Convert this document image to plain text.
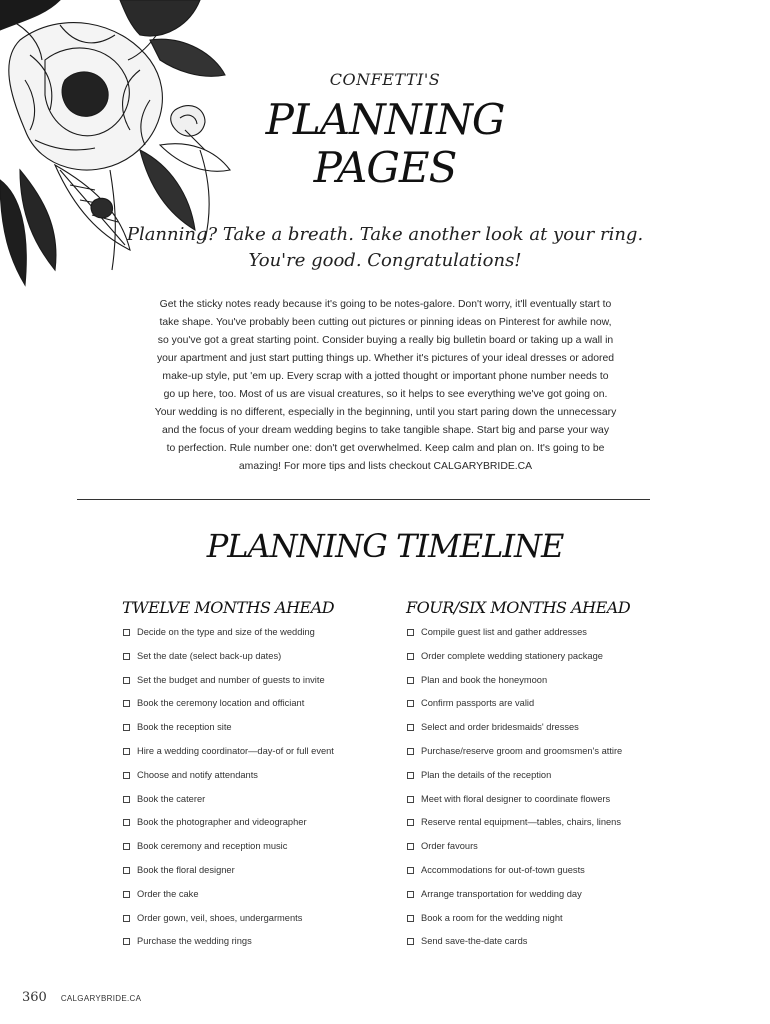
CONFETTI'S
PLANNING
PAGES
Planning? Take a breath. Take another look at your ring.
You're good. Congratulations!
Get the sticky notes ready because it's going to be notes-galore. Don't worry, it'll eventually start to
take shape. You've probably been cutting out pictures or pinning ideas on Pinterest for awhile now,
so you've got a great starting point. Consider buying a really big bulletin board or taking up a wall in
your apartment and just start putting things up. Whether it's pictures of your ideal dresses or adored
make-up style, put 'em up. Every scrap with a jotted thought or important phone number needs to
go up here, too. Most of us are visual creatures, so it helps to see everything we've got going on.
Your wedding is no different, especially in the beginning, until you start paring down the unnecessary
and the focus of your dream wedding begins to take tangible shape. Start big and parse your way
to perfection. Rule number one: don't get overwhelmed. Keep calm and plan on. It's going to be
amazing! For more tips and lists checkout CALGARYBRIDE.CA
PLANNING TIMELINE
TWELVE MONTHS AHEAD
Decide on the type and size of the wedding
Set the date (select back-up dates)
Set the budget and number of guests to invite
Book the ceremony location and officiant
Book the reception site
Hire a wedding coordinator—day-of or full event
Choose and notify attendants
Book the caterer
Book the photographer and videographer
Book ceremony and reception music
Book the floral designer
Order the cake
Order gown, veil, shoes, undergarments
Purchase the wedding rings
FOUR/SIX MONTHS AHEAD
Compile guest list and gather addresses
Order complete wedding stationery package
Plan and book the honeymoon
Confirm passports are valid
Select and order bridesmaids' dresses
Purchase/reserve groom and groomsmen's attire
Plan the details of the reception
Meet with floral designer to coordinate flowers
Reserve rental equipment—tables, chairs, linens
Order favours
Accommodations for out-of-town guests
Arrange transportation for wedding day
Book a room for the wedding night
Send save-the-date cards
360 CALGARYBRIDE.CA
